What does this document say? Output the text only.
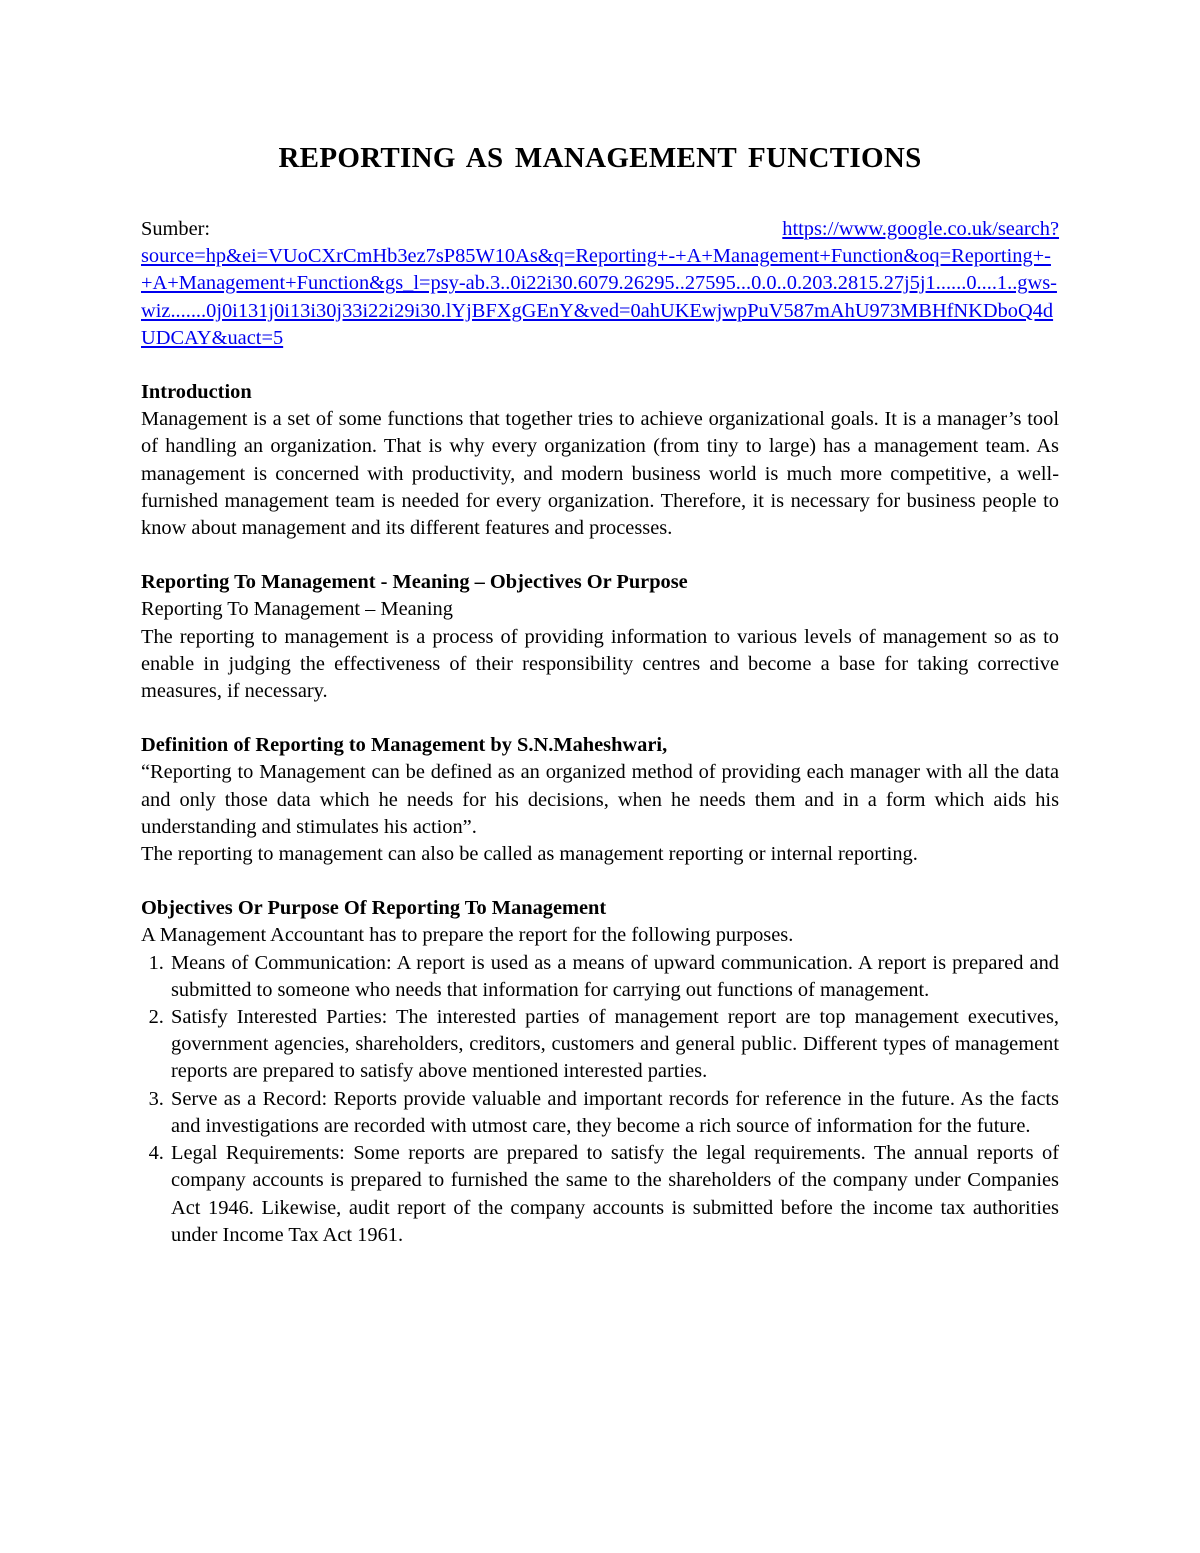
REPORTING AS MANAGEMENT FUNCTIONS
Sumber:	https://www.google.co.uk/search?
source=hp&ei=VUoCXrCmHb3ez7sP85W10As&q=Reporting+-+A+Management+Function&oq=Reporting+-+A+Management+Function&gs_l=psy-ab.3..0i22i30.6079.26295..27595...0.0..0.203.2815.27j5j1......0....1..gws-wiz.......0j0i131j0i13i30j33i22i29i30.lYjBFXgGEnY&ved=0ahUKEwjwpPuV587mAhU973MBHfNKDboQ4dUDCAY&uact=5

Introduction

Management is a set of some functions that together tries to achieve organizational goals. It is a manager’s tool of handling an organization. That is why every organization (from tiny to large) has a management team. As management is concerned with productivity, and modern business world is much more competitive, a well-furnished management team is needed for every organization. Therefore, it is necessary for business people to know about management and its different features and processes.

Reporting To Management - Meaning – Objectives Or Purpose

Reporting To Management – Meaning

The reporting to management is a process of providing information to various levels of management so as to enable in judging the effectiveness of their responsibility centres and become a base for taking corrective measures, if necessary.

Definition of Reporting to Management by S.N.Maheshwari,

“Reporting to Management can be defined as an organized method of providing each manager with all the data and only those data which he needs for his decisions, when he needs them and in a form which aids his understanding and stimulates his action”.

The reporting to management can also be called as management reporting or internal reporting.

Objectives Or Purpose Of Reporting To Management

A Management Accountant has to prepare the report for the following purposes.

1. Means of Communication: A report is used as a means of upward communication. A report is prepared and submitted to someone who needs that information for carrying out functions of management.
2. Satisfy Interested Parties: The interested parties of management report are top management executives, government agencies, shareholders, creditors, customers and general public. Different types of management reports are prepared to satisfy above mentioned interested parties.
3. Serve as a Record: Reports provide valuable and important records for reference in the future. As the facts and investigations are recorded with utmost care, they become a rich source of information for the future.
4. Legal Requirements: Some reports are prepared to satisfy the legal requirements. The annual reports of company accounts is prepared to furnished the same to the shareholders of the company under Companies Act 1946. Likewise, audit report of the company accounts is submitted before the income tax authorities under Income Tax Act 1961.
